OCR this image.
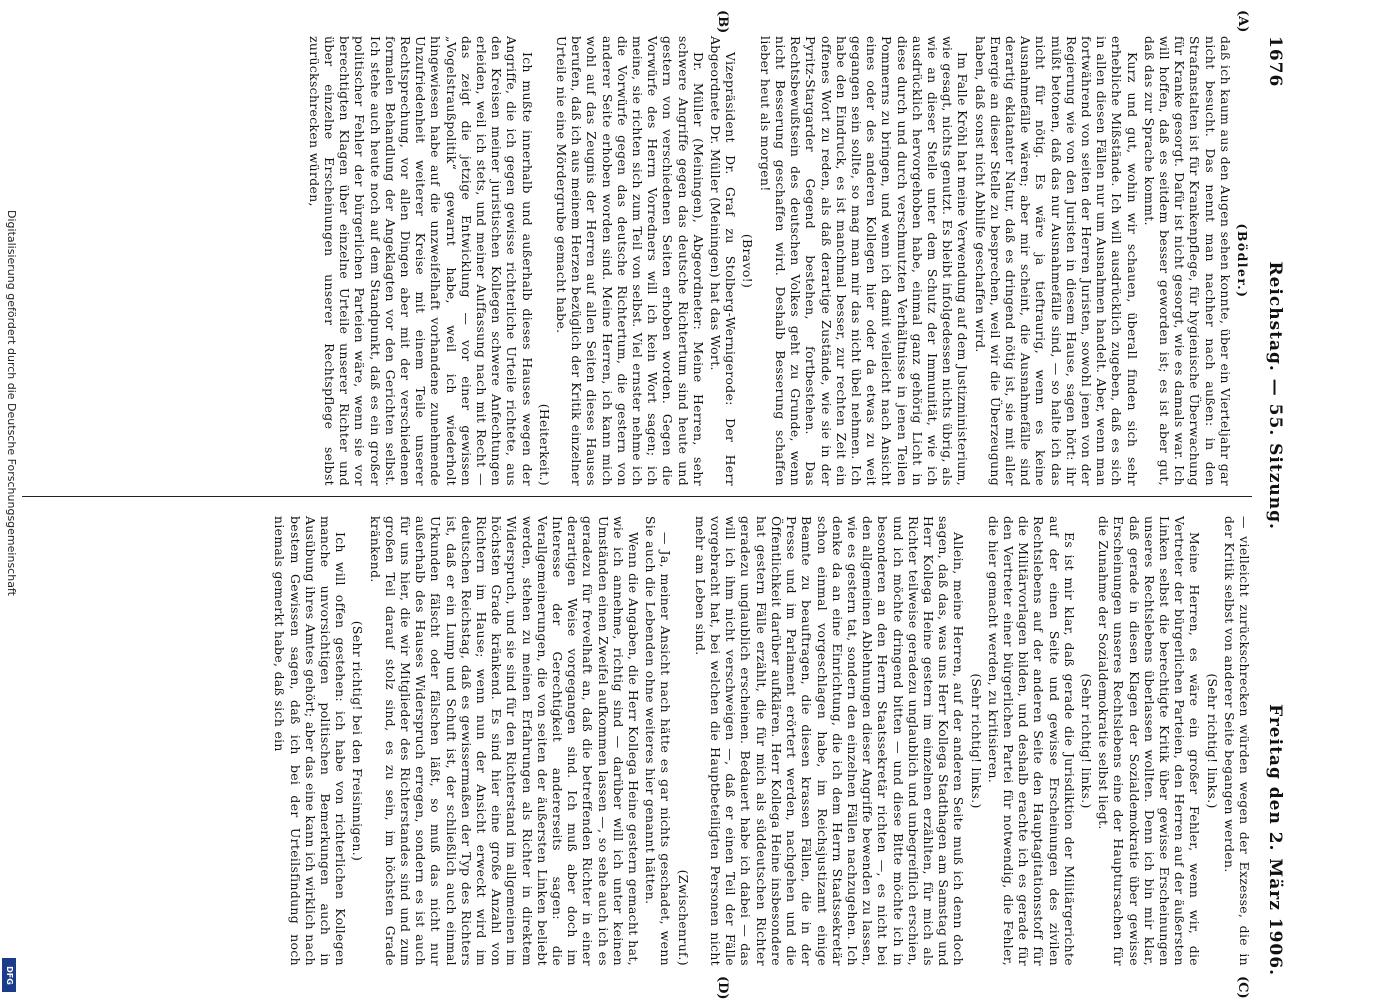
1676
Reichstag. — 55. Sitzung.
Freitag den 2. März 1906.
(A)
(B)
(C)
(D)
(Bödler.)

daß ich kaum aus den Augen sehen konnte, über ein Vierteljahr gar nicht besucht. Das nennt man nachher nach außen: in den Strafanstalten ist für Krankenpflege, für hygienische Überwachung für Kranke gesorgt. Dafür ist nicht gesorgt, wie es damals war. Ich will hoffen, daß es seitdem besser geworden ist; es ist aber gut, daß das zur Sprache kommt.

Kurz und gut, wohin wir schauen, überall finden sich sehr erhebliche Mißstände. Ich will ausdrücklich zugeben, daß es sich in allen diesen Fällen nur um Ausnahmen handelt. Aber, wenn man fortwährend von seiten der Herren Juristen, sowohl jenen von der Regierung wie von den Juristen in diesem Hause, sagen hört: ihr müßt betonen, daß das nur Ausnahmefälle sind, — so halte ich das nicht für nötig. Es wäre ja tieftraurig, wenn es keine Ausnahmefälle wären; aber mir scheint, die Ausnahmefälle sind derartig eklatanter Natur, daß es dringend nötig ist, sie mit aller Energie an dieser Stelle zu besprechen, weil wir die Überzeugung haben, daß sonst nicht Abhilfe geschaffen wird.

Im Falle Kröhl hat meine Verwendung auf dem Justizministerium, wie gesagt, nichts genutzt. Es bleibt infolgedessen nichts übrig, als wie an dieser Stelle unter dem Schutz der Immunität, wie ich ausdrücklich hervorgehoben habe, einmal ganz gehörig Licht in diese durch und durch verschmutzten Verhältnisse in jenen Teilen Pommerns zu bringen, und wenn ich damit vielleicht nach Ansicht eines oder des anderen Kollegen hier oder da etwas zu weit gegangen sein sollte, so mag man mir das nicht übel nehmen. Ich habe den Eindruck, es ist manchmal besser, zur rechten Zeit ein offenes Wort zu reden, als daß derartige Zustände, wie sie in der Pyritz-Stargarder Gegend bestehen, fortbestehen. Das Rechtsbewußtsein des deutschen Volkes geht zu Grunde, wenn nicht Besserung geschaffen wird. Deshalb Besserung schaffen lieber heut als morgen!

(Bravo!)

Vizepräsident Dr. Graf zu Stolberg-Wernigerode: Der Herr Abgeordnete Dr. Müller (Meiningen) hat das Wort.

Dr. Müller (Meiningen), Abgeordneter: Meine Herren, sehr schwere Angriffe gegen das deutsche Richtertum sind heute und gestern von verschiedenen Seiten erhoben worden. Gegen die Vorwürfe des Herrn Vorredners will ich kein Wort sagen; ich meine, sie richten sich zum Teil von selbst. Viel ernster nehme ich die Vorwürfe gegen das deutsche Richtertum, die gestern von anderer Seite erhoben worden sind. Meine Herren, ich kann mich wohl auf das Zeugnis der Herren auf allen Seiten dieses Hauses berufen, daß ich aus meinem Herzen bezüglich der Kritik einzelner Urteile nie eine Mördergrube gemacht habe.

(Heiterkeit.)

Ich mußte innerhalb und außerhalb dieses Hauses wegen der Angriffe, die ich gegen gewisse richterliche Urteile richtete, aus den Kreisen meiner juristischen Kollegen schwere Anfechtungen erleiden, weil ich stets, und meiner Auffassung nach mit Recht — das zeigt die jetzige Entwicklung — vor einer gewissen „Vogelstraußpolitik“ gewarnt habe, weil ich wiederholt hingewiesen habe auf die unzweifelhaft vorhandene zunehmende Unzufriedenheit weiterer Kreise mit einem Teile unserer Rechtsprechung, vor allen Dingen aber mit der verschiedenen formalen Behandlung der Angeklagten vor den Gerichten selbst. Ich stehe auch heute noch auf dem Standpunkt, daß es ein großer politischer Fehler der bürgerlichen Parteien wäre, wenn sie vor berechtigten Klagen über einzelne Urteile unserer Richter und über einzelne Erscheinungen unserer Rechtspflege selbst zurückschrecken würden,

— vielleicht zurückschrecken würden wegen der Exzesse, die in der Kritik selbst von anderer Seite begangen werden.

(Sehr richtig! links.)

Meine Herren, es wäre ein großer Fehler, wenn wir, die Vertreter der bürgerlichen Parteien, den Herren auf der äußersten Linken selbst die berechtigte Kritik über gewisse Erscheinungen unseres Rechtslebens überlassen wollten. Denn ich bin mir klar, daß gerade in diesen Klagen der Sozialdemokratie über gewisse Erscheinungen unseres Rechtslebens eine der Hauptursachen für die Zunahme der Sozialdemokratie selbst liegt.

(Sehr richtig! links.)

Es ist mir klar, daß gerade die Jurisdiktion der Militärgerichte auf der einen Seite und gewisse Erscheinungen des zivilen Rechtslebens auf der anderen Seite den Hauptagitationsstoff für die Militärvorlagen bilden, und deshalb erachte ich es gerade für den Vertreter einer bürgerlichen Partei für notwendig, die Fehler, die hier gemacht werden, zu kritisieren.

(Sehr richtig! links.)

Allein, meine Herren, auf der anderen Seite muß ich denn doch sagen, daß das, was uns Herr Kollega Stadthagen am Samstag und Herr Kollega Heine gestern im einzelnen erzählten, für mich als Richter teilweise geradezu unglaublich und unbegreiflich erschien, und ich möchte dringend bitten — und diese Bitte möchte ich in besonderen an den Herrn Staatssekretär richten —, es nicht bei den allgemeinen Ablehnungen dieser Angriffe bewenden zu lassen, wie es gestern tat, sondern den einzelnen Fällen nachzugehen. Ich denke da an eine Einrichtung, die ich dem Herrn Staatssekretär schon einmal vorgeschlagen habe, im Reichsjustizamt einige Beamte zu beauftragen, die diesen krassen Fällen, die in der Presse und im Parlament erörtert werden, nachgehen und die Öffentlichkeit darüber aufklären. Herr Kollega Heine insbesondere hat gestern Fälle erzählt, die für mich als süddeutschen Richter geradezu unglaublich erscheinen. Bedauert habe ich dabei — das will ich ihm nicht verschweigen —, daß er einen Teil der Fälle vorgebracht hat, bei welchen die Hauptbeteiligten Personen nicht mehr am Leben sind.

(Zwischenruf.)

— Ja, meiner Ansicht nach hätte es gar nichts geschadet, wenn Sie auch die Lebenden ohne weiteres hier genannt hätten.

Wenn die Angaben, die Herr Kollega Heine gestern gemacht hat, wie ich annehme, richtig sind — darüber will ich unter keinen Umständen einen Zweifel aufkommen lassen —, so sehe auch ich es geradezu für frevelhaft an, daß die betreffenden Richter in einer derartigen Weise vorgegangen sind. Ich muß aber doch im Interesse der Gerechtigkeit andererseits sagen: die Verallgemeinerungen, die von seiten der äußersten Linken beliebt werden, stehen zu meinen Erfahrungen als Richter in direktem Widerspruch, und sie sind für den Richterstand im allgemeinen im höchsten Grade kränkend. Es sind hier eine große Anzahl von Richtern im Hause; wenn nun der Ansicht erweckt wird im deutschen Reichstag, daß es gewissermaßen der Typ des Richters ist, daß er ein Lump und Schuft ist, der schließlich auch einmal Urkunden fälscht oder fälschen läßt, so muß das nicht nur außerhalb des Hauses Widerspruch erregen, sondern es ist auch für uns hier, die wir Mitglieder des Richterstandes sind und zum großen Teil darauf stolz sind, es zu sein, im höchsten Grade kränkend.

(Sehr richtig! bei den Freisinnigen.)

Ich will offen gestehen: ich habe von richterlichen Kollegen manche unvorsichtigen politischen Bemerkungen auch in Ausübung ihres Amtes gehört; aber das eine kann ich wirklich nach bestem Gewissen sagen, daß ich bei der Urteilsfindung noch niemals gemerkt habe, daß sich ein

Digitalisierung gefördert durch die Deutsche Forschungsgemeinschaft
DFG
